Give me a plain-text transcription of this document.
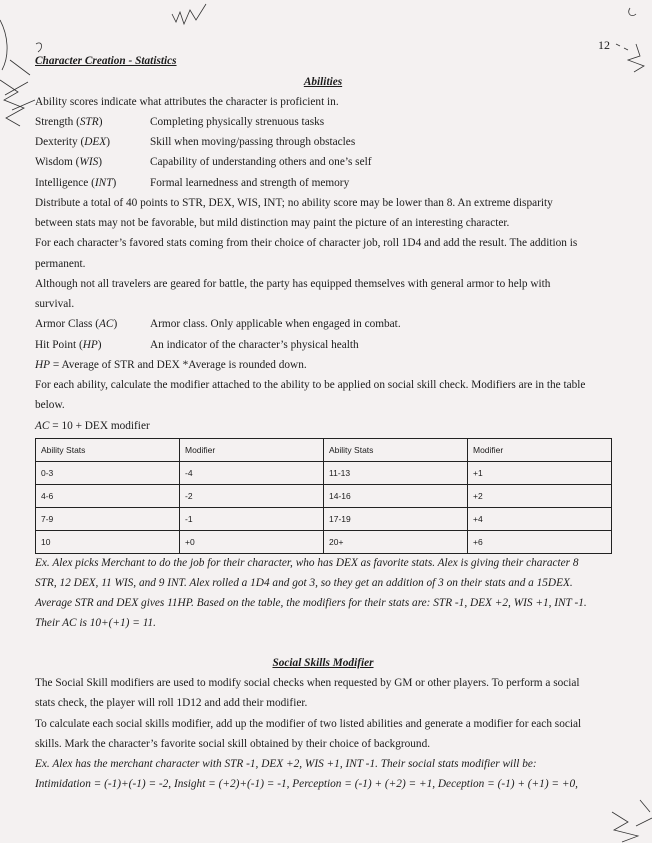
12
Character Creation - Statistics
Abilities
Ability scores indicate what attributes the character is proficient in.
Strength (STR)	Completing physically strenuous tasks
Dexterity (DEX)	Skill when moving/passing through obstacles
Wisdom (WIS)	Capability of understanding others and one’s self
Intelligence (INT)	Formal learnedness and strength of memory
Distribute a total of 40 points to STR, DEX, WIS, INT; no ability score may be lower than 8. An extreme disparity
between stats may not be favorable, but mild distinction may paint the picture of an interesting character.
For each character’s favored stats coming from their choice of character job, roll 1D4 and add the result. The addition is
permanent.
Although not all travelers are geared for battle, the party has equipped themselves with general armor to help with
survival.
Armor Class (AC)	Armor class. Only applicable when engaged in combat.
Hit Point (HP)	An indicator of the character’s physical health
HP = Average of STR and DEX *Average is rounded down.
For each ability, calculate the modifier attached to the ability to be applied on social skill check. Modifiers are in the table
below.
AC = 10 + DEX modifier
Ability Stats	Modifier	Ability Stats	Modifier
0-3	-4	11-13	+1
4-6	-2	14-16	+2
7-9	-1	17-19	+4
10	+0	20+	+6
Ex. Alex picks Merchant to do the job for their character, who has DEX as favorite stats. Alex is giving their character 8
STR, 12 DEX, 11 WIS, and 9 INT. Alex rolled a 1D4 and got 3, so they get an addition of 3 on their stats and a 15DEX.
Average STR and DEX gives 11HP. Based on the table, the modifiers for their stats are: STR -1, DEX +2, WIS +1, INT -1.
Their AC is 10+(+1) = 11.
Social Skills Modifier
The Social Skill modifiers are used to modify social checks when requested by GM or other players. To perform a social
stats check, the player will roll 1D12 and add their modifier.
To calculate each social skills modifier, add up the modifier of two listed abilities and generate a modifier for each social
skills. Mark the character’s favorite social skill obtained by their choice of background.
Ex. Alex has the merchant character with STR -1, DEX +2, WIS +1, INT -1. Their social stats modifier will be:
Intimidation = (-1)+(-1) = -2, Insight = (+2)+(-1) = -1, Perception = (-1) + (+2) = +1, Deception = (-1) + (+1) = +0,
